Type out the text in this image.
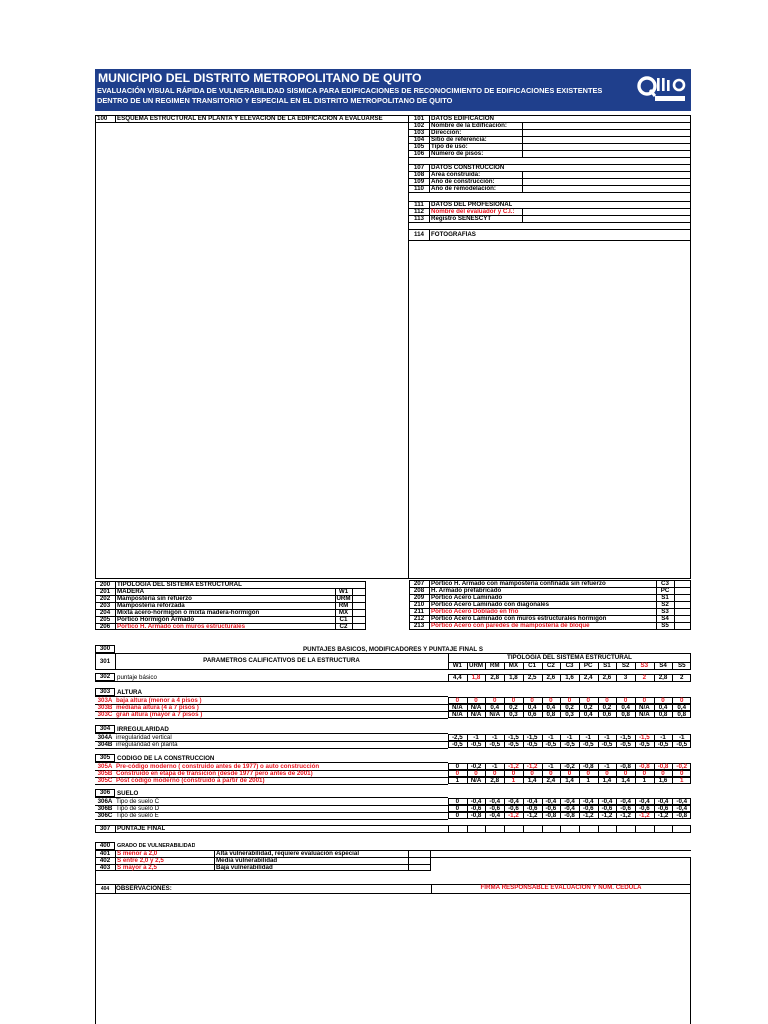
MUNICIPIO DEL DISTRITO METROPOLITANO DE QUITO
EVALUACIÓN VISUAL RÁPIDA DE VULNERABILIDAD SISMICA PARA EDIFICACIONES DE RECONOCIMIENTO DE EDIFICACIONES EXISTENTES
DENTRO DE UN REGIMEN TRANSITORIO Y ESPECIAL EN EL DISTRITO METROPOLITANO DE QUITO
100 ESQUEMA ESTRUCTURAL EN PLANTA Y ELEVACION DE LA EDIFICACION A EVALUARSE	101	DATOS EDIFICACION
102	Nombre de la Edificación:
103	Dirección:
104	Sitio de referencia:
105	Tipo de uso:
106	Número de pisos:
107	DATOS CONSTRUCCIÓN
108	Área construida:
109	Año de construcción:
110	Año de remodelación:
111	DATOS DEL PROFESIONAL
112	Nombre del evaluador y C.I.:
113	Registro SENESCYT
114	FOTOGRAFÍAS
200	TIPOLOGIA DEL SISTEMA ESTRUCTURAL
201	MADERA	W1
202	Mampostería sin refuerzo	URM
203	Mampostería reforzada	RM
204	Mixta acero-hormigón o mixta madera-hormigón	MX
205	Pórtico Hormigón Armado	C1
206	Pórtico H. Armado con muros estructurales	C2
207	Pórtico H. Armado con mampostería confinada sin refuerzo	C3
208	H. Armado prefabricado	PC
209	Pórtico Acero Laminado	S1
210	Pórtico Acero Laminado con diagonales	S2
211	Pórtico Acero Doblado en frio	S3
212	Pórtico Acero Laminado con muros estructurales hormigón	S4
213	Pórtico Acero con paredes de mampostería de bloque	S5
300	PUNTAJES BÁSICOS, MODIFICADORES Y PUNTAJE FINAL S
301	PARÁMETROS CALIFICATIVOS DE LA ESTRUCTURA	TIPOLOGIA DEL SISTEMA ESTRUCTURAL
W1	URM	RM	MX	C1	C2	C3	PC	S1	S2	S3	S4	S5
302	puntaje básico	4,4	1,8	2,8	1,8	2,5	2,6	1,6	2,4	2,6	3	2	2,8	2
303	ALTURA
303A baja altura (menor a 4 pisos )	0	0	0	0	0	0	0	0	0	0	0	0	0
303B mediana altura (4 a 7 pisos )	N/A	N/A	0,4	0,2	0,4	0,4	0,2	0,2	0,2	0,4	N/A	0,4	0,4
303C gran altura (mayor a 7 pisos )	N/A	N/A	N/A	0,3	0,6	0,8	0,3	0,4	0,6	0,8	N/A	0,8	0,8
304	IRREGULARIDAD
304A irregularidad vertical	-2,5	-1	-1	-1,5	-1,5	-1	-1	-1	-1	-1,5	-1,5	-1	-1
304B irregularidad en planta	-0,5	-0,5	-0,5	-0,5	-0,5	-0,5	-0,5	-0,5	-0,5	-0,5	-0,5	-0,5	-0,5
305	CODIGO DE LA CONSTRUCCIÓN
305A Pre-código moderno ( construido antes de 1977) o auto construcción	0	-0,2	-1	-1,2	-1,2	-1	-0,2	-0,8	-1	-0,8	-0,8	-0,8	-0,2
305B Construido en etapa de transición (desde 1977 pero antes de 2001)	0	0	0	0	0	0	0	0	0	0	0	0	0
305C Post código moderno (construido a partir de 2001)	1	N/A	2,8	1	1,4	2,4	1,4	1	1,4	1,4	1	1,6	1
306	SUELO
306A Tipo de suelo C	0	-0,4	-0,4	-0,4	-0,4	-0,4	-0,4	-0,4	-0,4	-0,4	-0,4	-0,4	-0,4
306B Tipo de suelo D	0	-0,6	-0,6	-0,6	-0,6	-0,6	-0,4	-0,6	-0,6	-0,6	-0,6	-0,6	-0,4
306C Tipo de suelo E	0	-0,8	-0,4	-1,2	-1,2	-0,8	-0,8	-1,2	-1,2	-1,2	-1,2	-1,2	-0,8
307	PUNTAJE FINAL
400	GRADO DE VULNERABILIDAD
401	S menor a 2,0	Alta vulnerabilidad, requiere evaluación especial
402	S entre 2,0 y 2,5	Media vulnerabilidad
403	S mayor a 2,5	Baja vulnerabilidad
404	OBSERVACIONES:	FIRMA RESPONSABLE EVALUACION Y NUM. CEDULA
